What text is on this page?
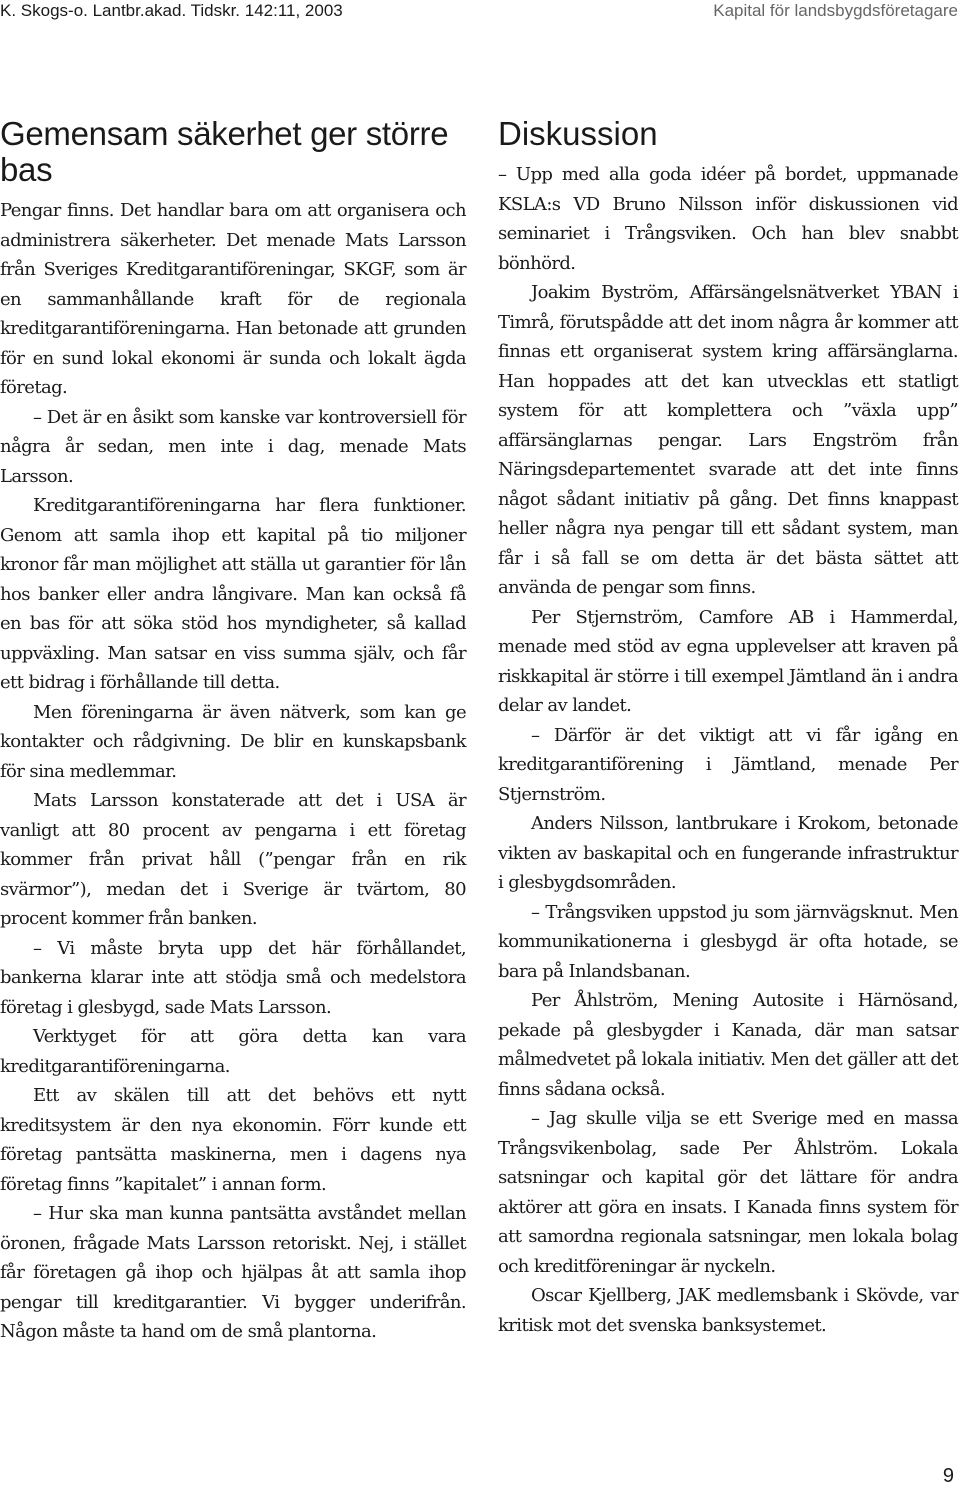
K. Skogs-o. Lantbr.akad. Tidskr. 142:11, 2003	Kapital för landsbygdsföretagare
Gemensam säkerhet ger större bas

Pengar finns. Det handlar bara om att organisera och administrera säkerheter. Det menade Mats Larsson från Sveriges Kreditgarantiföreningar, SKGF, som är en sammanhållande kraft för de regionala kreditgarantiföreningarna. Han betonade att grunden för en sund lokal ekonomi är sunda och lokalt ägda företag.

– Det är en åsikt som kanske var kontroversiell för några år sedan, men inte i dag, menade Mats Larsson.

Kreditgarantiföreningarna har flera funktioner. Genom att samla ihop ett kapital på tio miljoner kronor får man möjlighet att ställa ut garantier för lån hos banker eller andra långivare. Man kan också få en bas för att söka stöd hos myndigheter, så kallad uppväxling. Man satsar en viss summa själv, och får ett bidrag i förhållande till detta.

Men föreningarna är även nätverk, som kan ge kontakter och rådgivning. De blir en kunskapsbank för sina medlemmar.

Mats Larsson konstaterade att det i USA är vanligt att 80 procent av pengarna i ett företag kommer från privat håll (”pengar från en rik svärmor”), medan det i Sverige är tvärtom, 80 procent kommer från banken.

– Vi måste bryta upp det här förhållandet, bankerna klarar inte att stödja små och medelstora företag i glesbygd, sade Mats Larsson.

Verktyget för att göra detta kan vara kreditgarantiföreningarna.

Ett av skälen till att det behövs ett nytt kreditsystem är den nya ekonomin. Förr kunde ett företag pantsätta maskinerna, men i dagens nya företag finns ”kapitalet” i annan form.

– Hur ska man kunna pantsätta avståndet mellan öronen, frågade Mats Larsson retoriskt. Nej, i stället får företagen gå ihop och hjälpas åt att samla ihop pengar till kreditgarantier. Vi bygger underifrån. Någon måste ta hand om de små plantorna.

Diskussion

– Upp med alla goda idéer på bordet, uppmanade KSLA:s VD Bruno Nilsson inför diskussionen vid seminariet i Trångsviken. Och han blev snabbt bönhörd.

Joakim Byström, Affärsängelsnätverket YBAN i Timrå, förutspådde att det inom några år kommer att finnas ett organiserat system kring affärsänglarna. Han hoppades att det kan utvecklas ett statligt system för att komplettera och ”växla upp” affärsänglarnas pengar. Lars Engström från Näringsdepartementet svarade att det inte finns något sådant initiativ på gång. Det finns knappast heller några nya pengar till ett sådant system, man får i så fall se om detta är det bästa sättet att använda de pengar som finns.

Per Stjernström, Camfore AB i Hammerdal, menade med stöd av egna upplevelser att kraven på riskkapital är större i till exempel Jämtland än i andra delar av landet.

– Därför är det viktigt att vi får igång en kreditgarantiförening i Jämtland, menade Per Stjernström.

Anders Nilsson, lantbrukare i Krokom, betonade vikten av baskapital och en fungerande infrastruktur i glesbygdsområden.

– Trångsviken uppstod ju som järnvägsknut. Men kommunikationerna i glesbygd är ofta hotade, se bara på Inlandsbanan.

Per Åhlström, Mening Autosite i Härnösand, pekade på glesbygder i Kanada, där man satsar målmedvetet på lokala initiativ. Men det gäller att det finns sådana också.

– Jag skulle vilja se ett Sverige med en massa Trångsvikenbolag, sade Per Åhlström. Lokala satsningar och kapital gör det lättare för andra aktörer att göra en insats. I Kanada finns system för att samordna regionala satsningar, men lokala bolag och kreditföreningar är nyckeln.

Oscar Kjellberg, JAK medlemsbank i Skövde, var kritisk mot det svenska banksystemet.

9
